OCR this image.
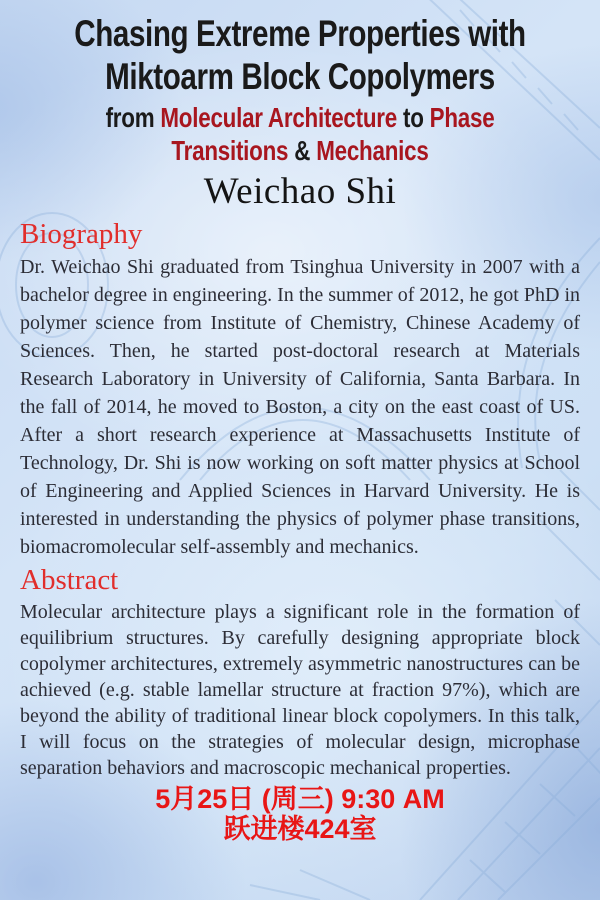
Chasing Extreme Properties with
Miktoarm Block Copolymers
from Molecular Architecture to Phase
Transitions & Mechanics
Weichao Shi
Biography

Dr. Weichao Shi graduated from Tsinghua University in 2007 with a bachelor degree in engineering. In the summer of 2012, he got PhD in polymer science from Institute of Chemistry, Chinese Academy of Sciences. Then, he started post-doctoral research at Materials Research Laboratory in University of California, Santa Barbara. In the fall of 2014, he moved to Boston, a city on the east coast of US. After a short research experience at Massachusetts Institute of Technology, Dr. Shi is now working on soft matter physics at School of Engineering and Applied Sciences in Harvard University. He is interested in understanding the physics of polymer phase transitions, biomacromolecular self-assembly and mechanics.

Abstract

Molecular architecture plays a significant role in the formation of equilibrium structures. By carefully designing appropriate block copolymer architectures, extremely asymmetric nanostructures can be achieved (e.g. stable lamellar structure at fraction 97%), which are beyond the ability of traditional linear block copolymers. In this talk, I will focus on the strategies of molecular design, microphase separation behaviors and macroscopic mechanical properties.

5月25日 (周三) 9:30 AM
跃进楼424室
